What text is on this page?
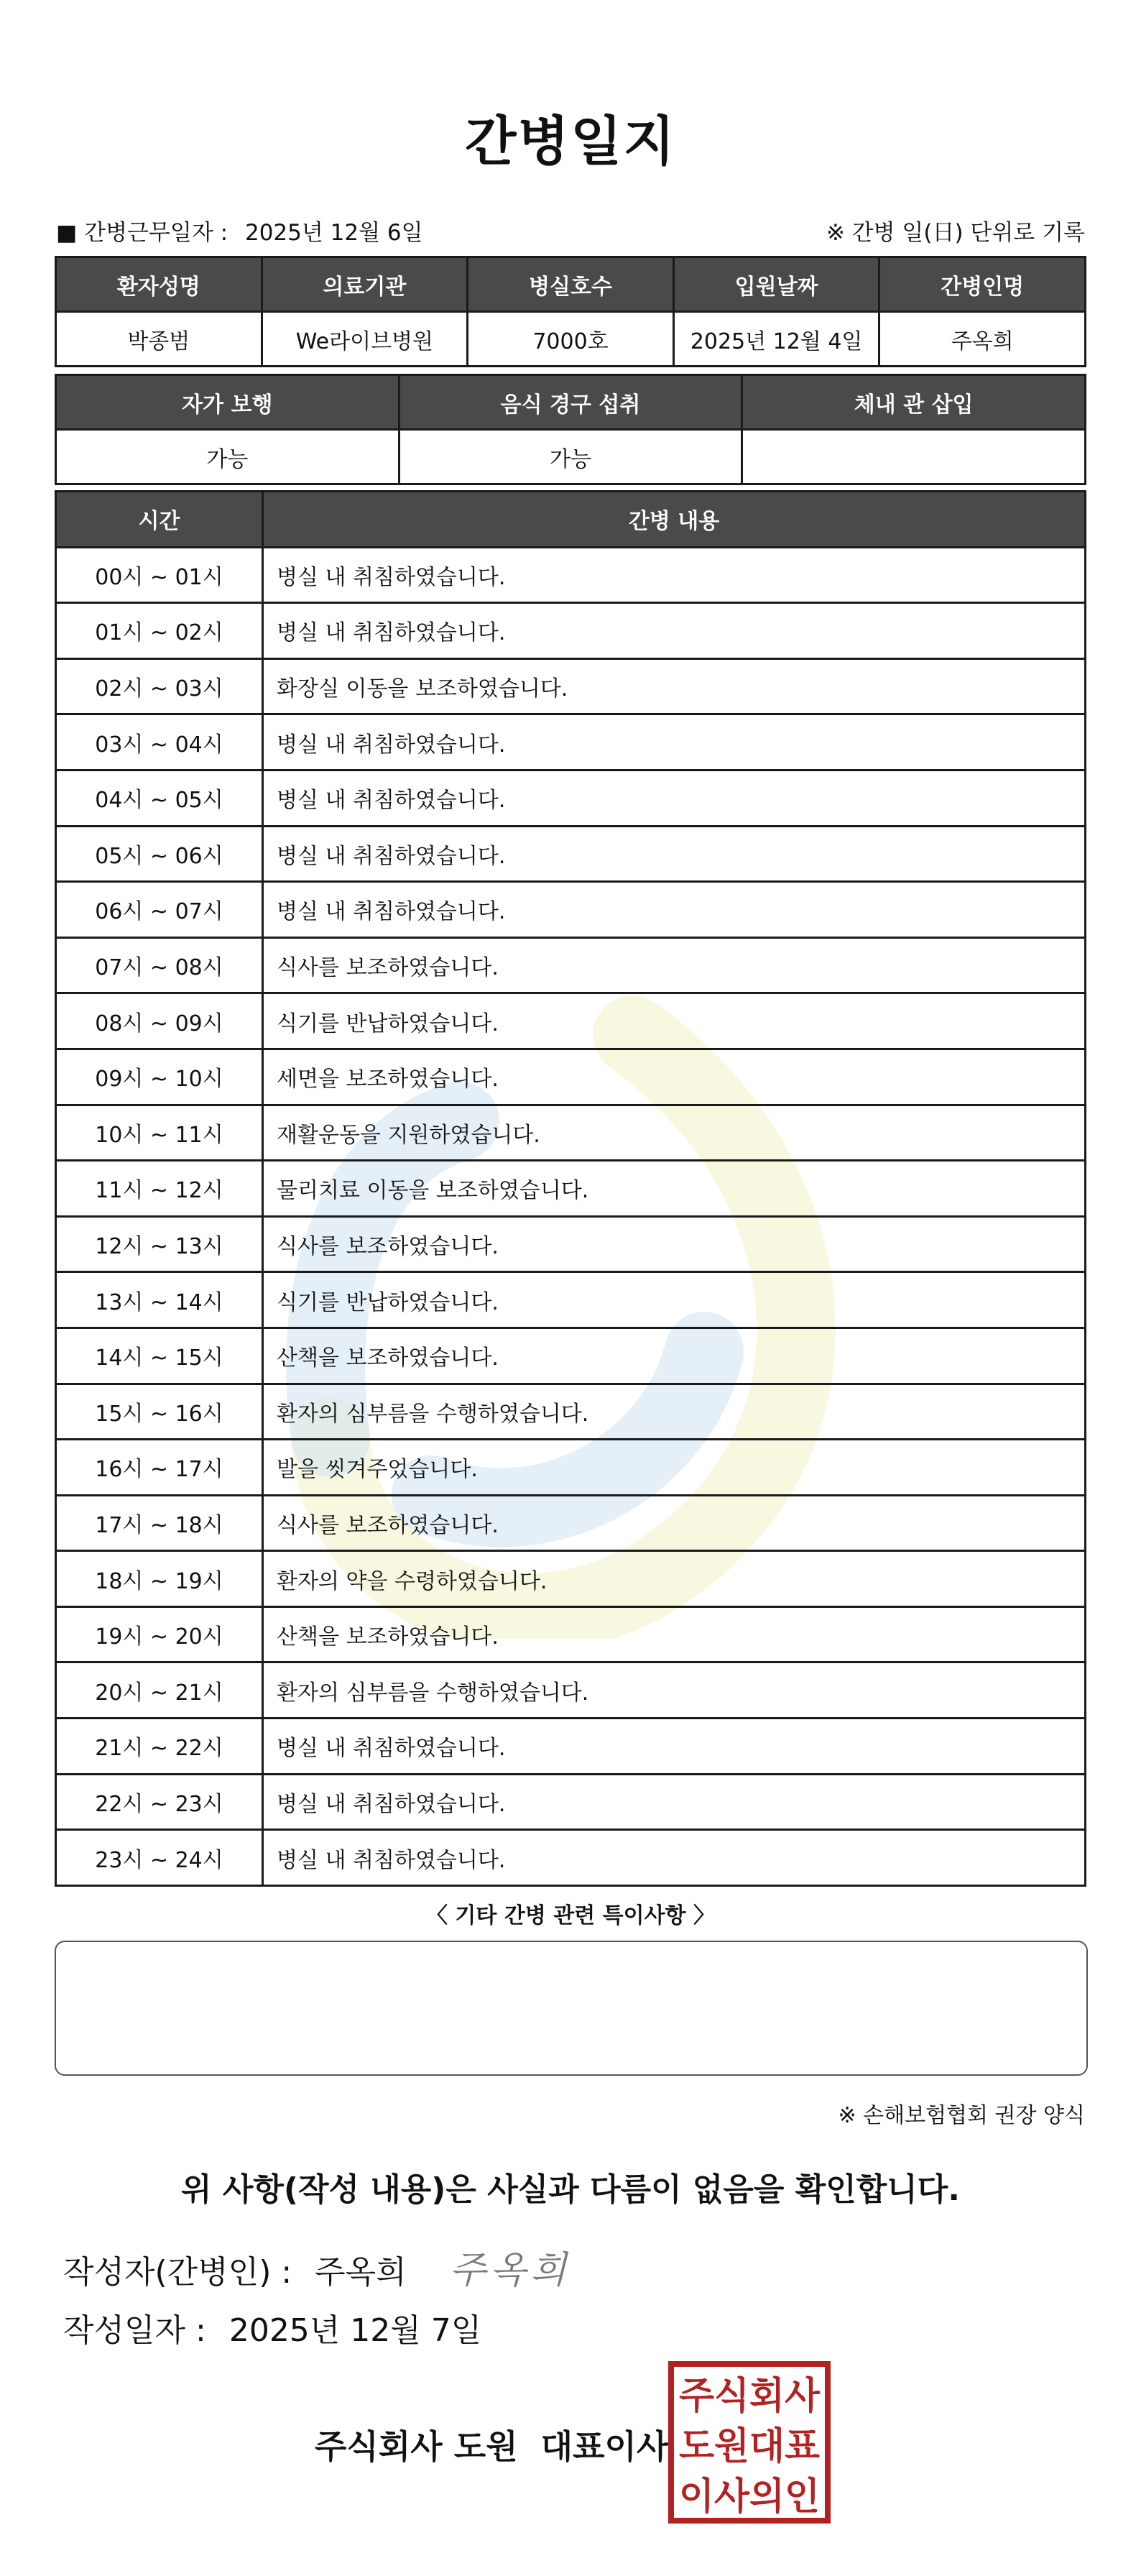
간병일지
■ 간병근무일자 : 2025년 12월 6일	※ 간병 일(日) 단위로 기록
환자성명	의료기관	병실호수	입원날짜	간병인명
박종범	We라이브병원	7000호	2025년 12월 4일	주옥희
자가 보행	음식 경구 섭취	체내 관 삽입
가능	가능	
시간	간병 내용
00시 ~ 01시	병실 내 취침하였습니다.
01시 ~ 02시	병실 내 취침하였습니다.
02시 ~ 03시	화장실 이동을 보조하였습니다.
03시 ~ 04시	병실 내 취침하였습니다.
04시 ~ 05시	병실 내 취침하였습니다.
05시 ~ 06시	병실 내 취침하였습니다.
06시 ~ 07시	병실 내 취침하였습니다.
07시 ~ 08시	식사를 보조하였습니다.
08시 ~ 09시	식기를 반납하였습니다.
09시 ~ 10시	세면을 보조하였습니다.
10시 ~ 11시	재활운동을 지원하였습니다.
11시 ~ 12시	물리치료 이동을 보조하였습니다.
12시 ~ 13시	식사를 보조하였습니다.
13시 ~ 14시	식기를 반납하였습니다.
14시 ~ 15시	산책을 보조하였습니다.
15시 ~ 16시	환자의 심부름을 수행하였습니다.
16시 ~ 17시	발을 씻겨주었습니다.
17시 ~ 18시	식사를 보조하였습니다.
18시 ~ 19시	환자의 약을 수령하였습니다.
19시 ~ 20시	산책을 보조하였습니다.
20시 ~ 21시	환자의 심부름을 수행하였습니다.
21시 ~ 22시	병실 내 취침하였습니다.
22시 ~ 23시	병실 내 취침하였습니다.
23시 ~ 24시	병실 내 취침하였습니다.
〈 기타 간병 관련 특이사항 〉
※ 손해보험협회 권장 양식
위 사항(작성 내용)은 사실과 다름이 없음을 확인합니다.
작성자(간병인) : 주옥희 주옥희
작성일자 : 2025년 12월 7일
주식회사 도원  대표이사
주식회사
도원대표
이사의인
